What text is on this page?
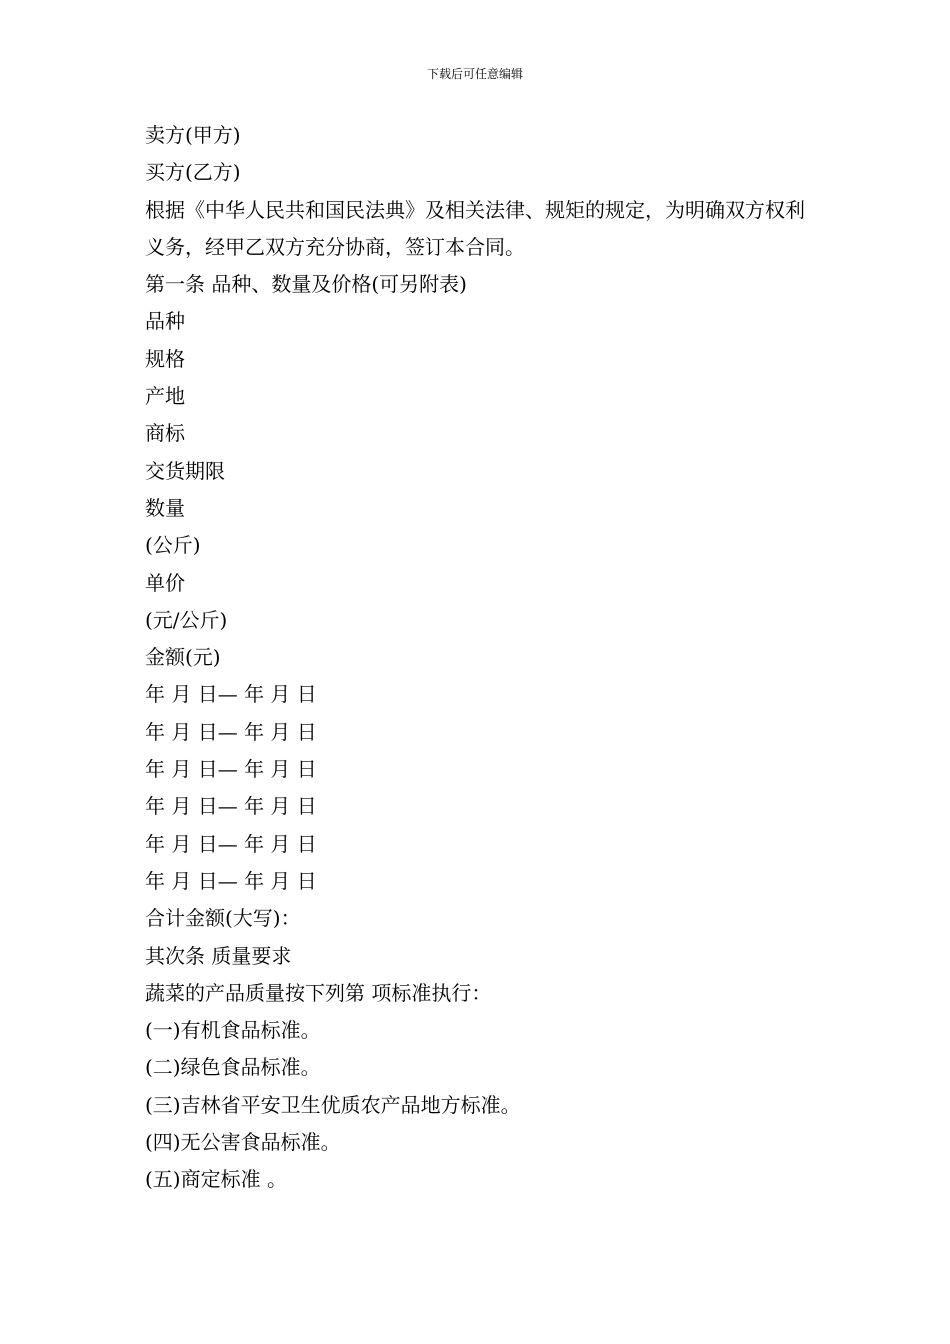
下载后可任意编辑
卖方(甲方)
买方(乙方)
根据《中华人民共和国民法典》及相关法律、规矩的规定，为明确双方权利义务，经甲乙双方充分协商，签订本合同。
第一条 品种、数量及价格(可另附表)
品种
规格
产地
商标
交货期限
数量
(公斤)
单价
(元/公斤)
金额(元)
年 月 日— 年 月 日
年 月 日— 年 月 日
年 月 日— 年 月 日
年 月 日— 年 月 日
年 月 日— 年 月 日
年 月 日— 年 月 日
合计金额(大写)：
其次条 质量要求
蔬菜的产品质量按下列第 项标准执行：
(一)有机食品标准。
(二)绿色食品标准。
(三)吉林省平安卫生优质农产品地方标准。
(四)无公害食品标准。
(五)商定标准 。
